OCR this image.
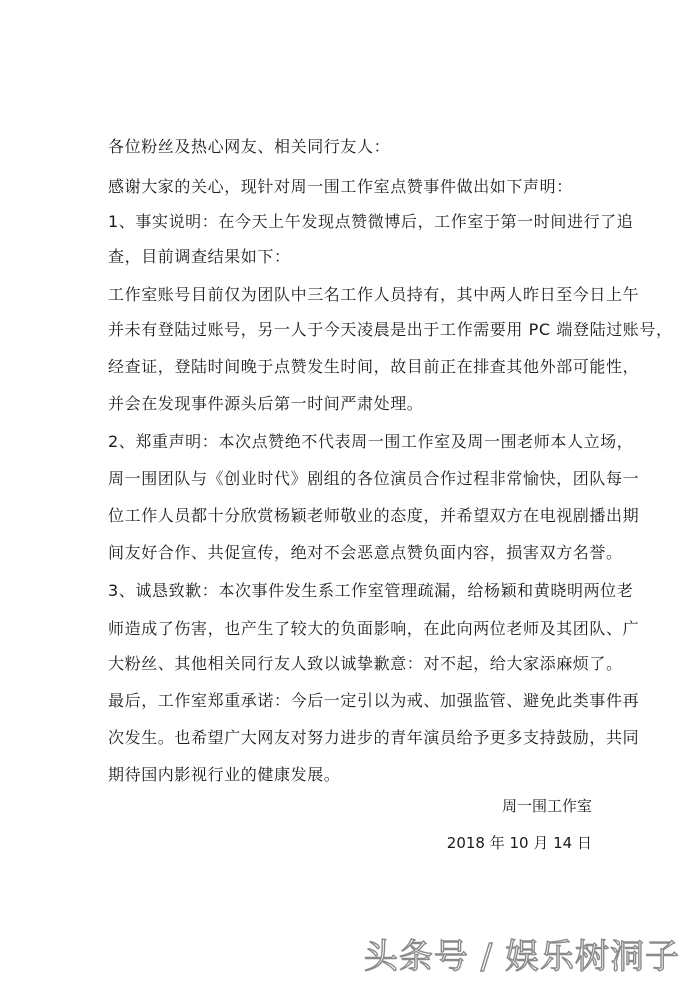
各位粉丝及热心网友、相关同行友人：
感谢大家的关心，现针对周一围工作室点赞事件做出如下声明：
1、事实说明：在今天上午发现点赞微博后，工作室于第一时间进行了追
查，目前调查结果如下：
工作室账号目前仅为团队中三名工作人员持有，其中两人昨日至今日上午
并未有登陆过账号，另一人于今天凌晨是出于工作需要用 PC 端登陆过账号，
经查证，登陆时间晚于点赞发生时间，故目前正在排查其他外部可能性，
并会在发现事件源头后第一时间严肃处理。
2、郑重声明：本次点赞绝不代表周一围工作室及周一围老师本人立场，
周一围团队与《创业时代》剧组的各位演员合作过程非常愉快，团队每一
位工作人员都十分欣赏杨颖老师敬业的态度，并希望双方在电视剧播出期
间友好合作、共促宣传，绝对不会恶意点赞负面内容，损害双方名誉。
3、诚恳致歉：本次事件发生系工作室管理疏漏，给杨颖和黄晓明两位老
师造成了伤害，也产生了较大的负面影响，在此向两位老师及其团队、广
大粉丝、其他相关同行友人致以诚挚歉意：对不起，给大家添麻烦了。
最后，工作室郑重承诺：今后一定引以为戒、加强监管、避免此类事件再
次发生。也希望广大网友对努力进步的青年演员给予更多支持鼓励，共同
期待国内影视行业的健康发展。
周一围工作室
2018 年 10 月 14 日
头条号 / 娱乐树洞子
